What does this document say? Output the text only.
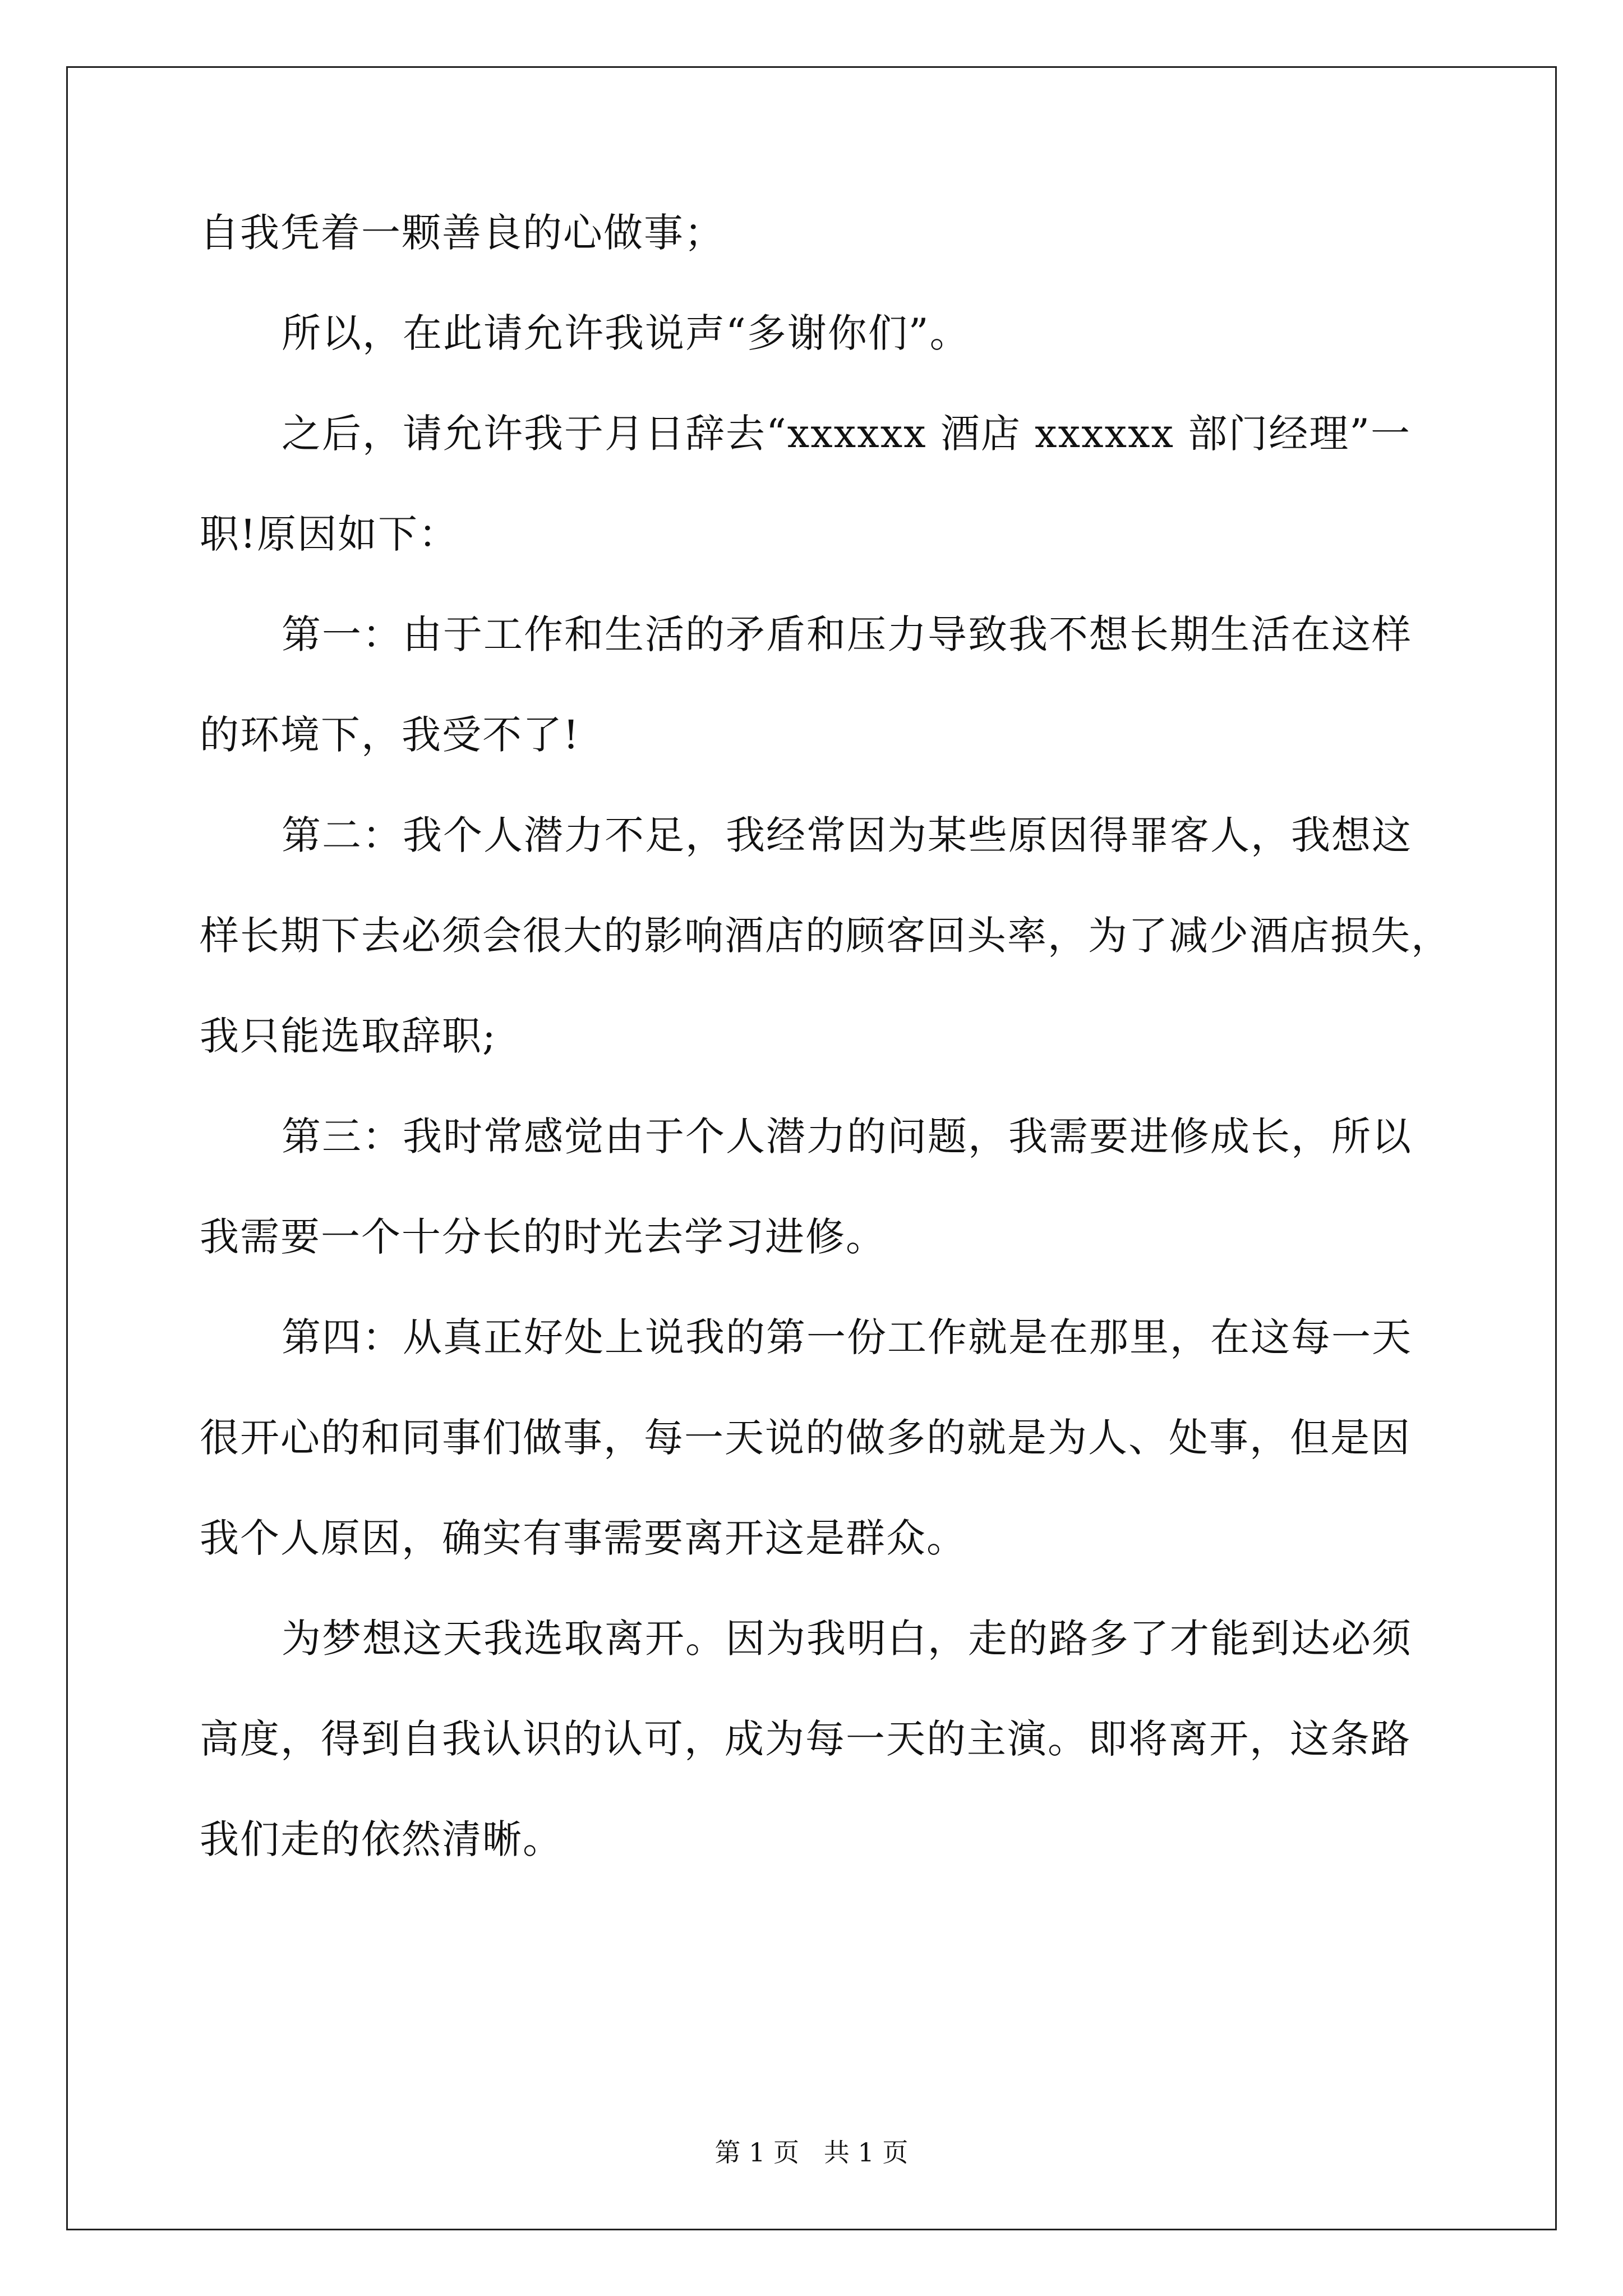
自我凭着一颗善良的心做事；
所以，在此请允许我说声“多谢你们”。
之后，请允许我于月日辞去“xxxxxx 酒店 xxxxxx 部门经理”一
职!原因如下：
第一：由于工作和生活的矛盾和压力导致我不想长期生活在这样
的环境下，我受不了!
第二：我个人潜力不足，我经常因为某些原因得罪客人，我想这
样长期下去必须会很大的影响酒店的顾客回头率，为了减少酒店损失，
我只能选取辞职;
第三：我时常感觉由于个人潜力的问题，我需要进修成长，所以
我需要一个十分长的时光去学习进修。
第四：从真正好处上说我的第一份工作就是在那里，在这每一天
很开心的和同事们做事，每一天说的做多的就是为人、处事，但是因
我个人原因，确实有事需要离开这是群众。
为梦想这天我选取离开。因为我明白，走的路多了才能到达必须
高度，得到自我认识的认可，成为每一天的主演。即将离开，这条路
我们走的依然清晰。
第 1 页   共 1 页
